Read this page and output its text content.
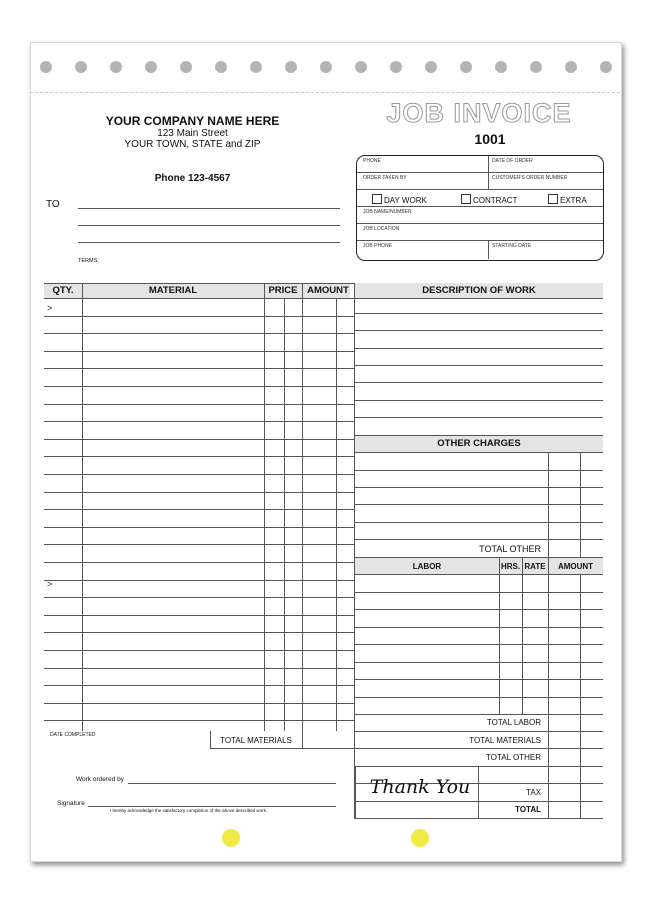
YOUR COMPANY NAME HERE
123 Main Street
YOUR TOWN, STATE and ZIP
Phone 123-4567
JOB INVOICE
1001
TO
TERMS:
PHONE	DATE OF ORDER
ORDER TAKEN BY	CUSTOMER'S ORDER NUMBER
DAY WORK	CONTRACT	EXTRA
JOB NAME/NUMBER
JOB LOCATION
JOB PHONE	STARTING DATE
QTY.	MATERIAL	PRICE	AMOUNT	DESCRIPTION OF WORK
OTHER CHARGES
LABOR	HRS. RATE	AMOUNT
>
>
DATE COMPLETED
TOTAL MATERIALS
TOTAL OTHER
TOTAL LABOR
TOTAL MATERIALS
TOTAL OTHER
TAX
TOTAL
Thank You
Work ordered by
Signature
I hereby acknowledge the satisfactory completion of the above described work.
